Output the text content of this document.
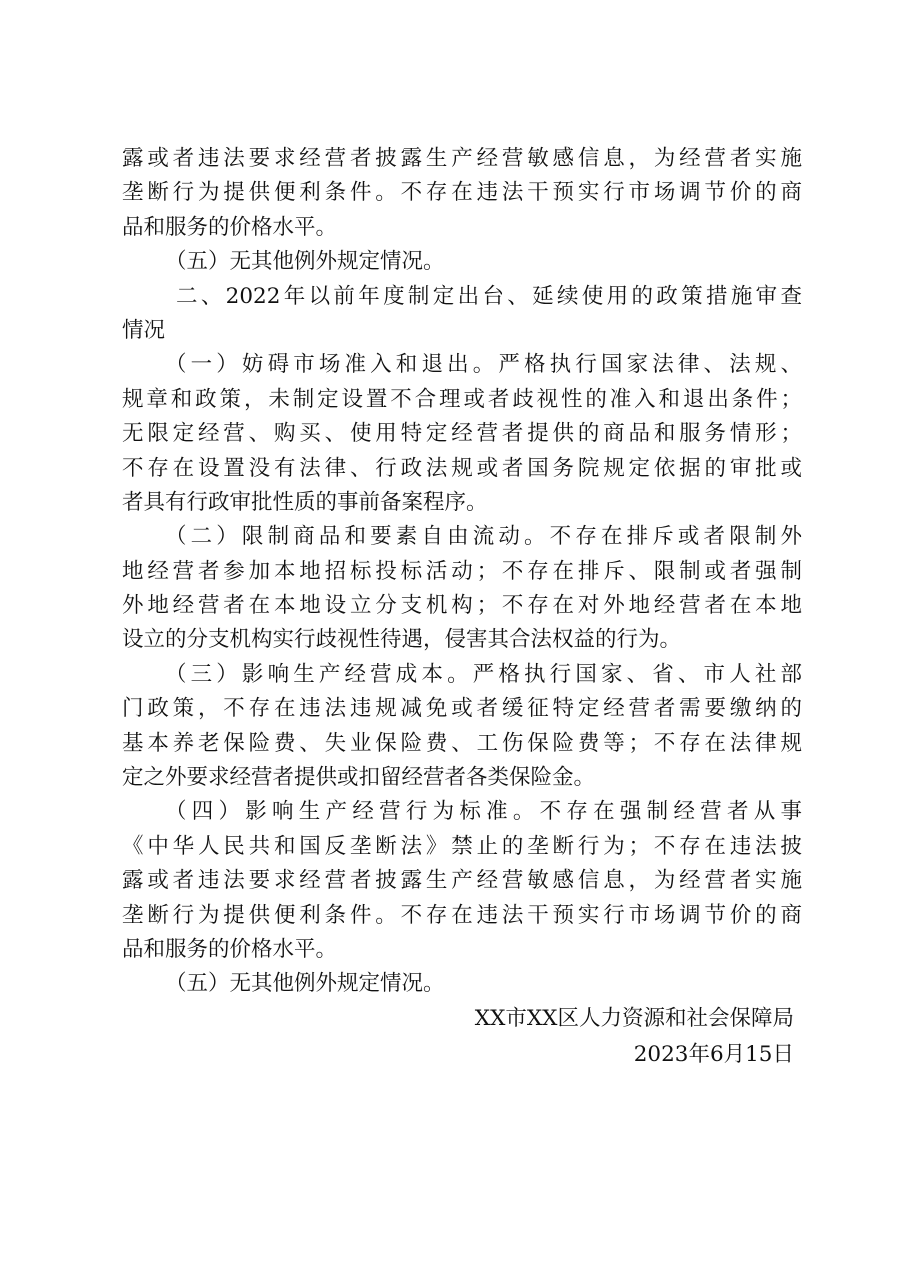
露或者违法要求经营者披露生产经营敏感信息，为经营者实施
垄断行为提供便利条件。不存在违法干预实行市场调节价的商
品和服务的价格水平。
（五）无其他例外规定情况。
二、2022年以前年度制定出台、延续使用的政策措施审查
情况
（一）妨碍市场准入和退出。严格执行国家法律、法规、
规章和政策，未制定设置不合理或者歧视性的准入和退出条件；
无限定经营、购买、使用特定经营者提供的商品和服务情形；
不存在设置没有法律、行政法规或者国务院规定依据的审批或
者具有行政审批性质的事前备案程序。
（二）限制商品和要素自由流动。不存在排斥或者限制外
地经营者参加本地招标投标活动；不存在排斥、限制或者强制
外地经营者在本地设立分支机构；不存在对外地经营者在本地
设立的分支机构实行歧视性待遇，侵害其合法权益的行为。
（三）影响生产经营成本。严格执行国家、省、市人社部
门政策，不存在违法违规减免或者缓征特定经营者需要缴纳的
基本养老保险费、失业保险费、工伤保险费等；不存在法律规
定之外要求经营者提供或扣留经营者各类保险金。
（四）影响生产经营行为标准。不存在强制经营者从事
《中华人民共和国反垄断法》禁止的垄断行为；不存在违法披
露或者违法要求经营者披露生产经营敏感信息，为经营者实施
垄断行为提供便利条件。不存在违法干预实行市场调节价的商
品和服务的价格水平。
（五）无其他例外规定情况。
XX市XX区人力资源和社会保障局
2023年6月15日
